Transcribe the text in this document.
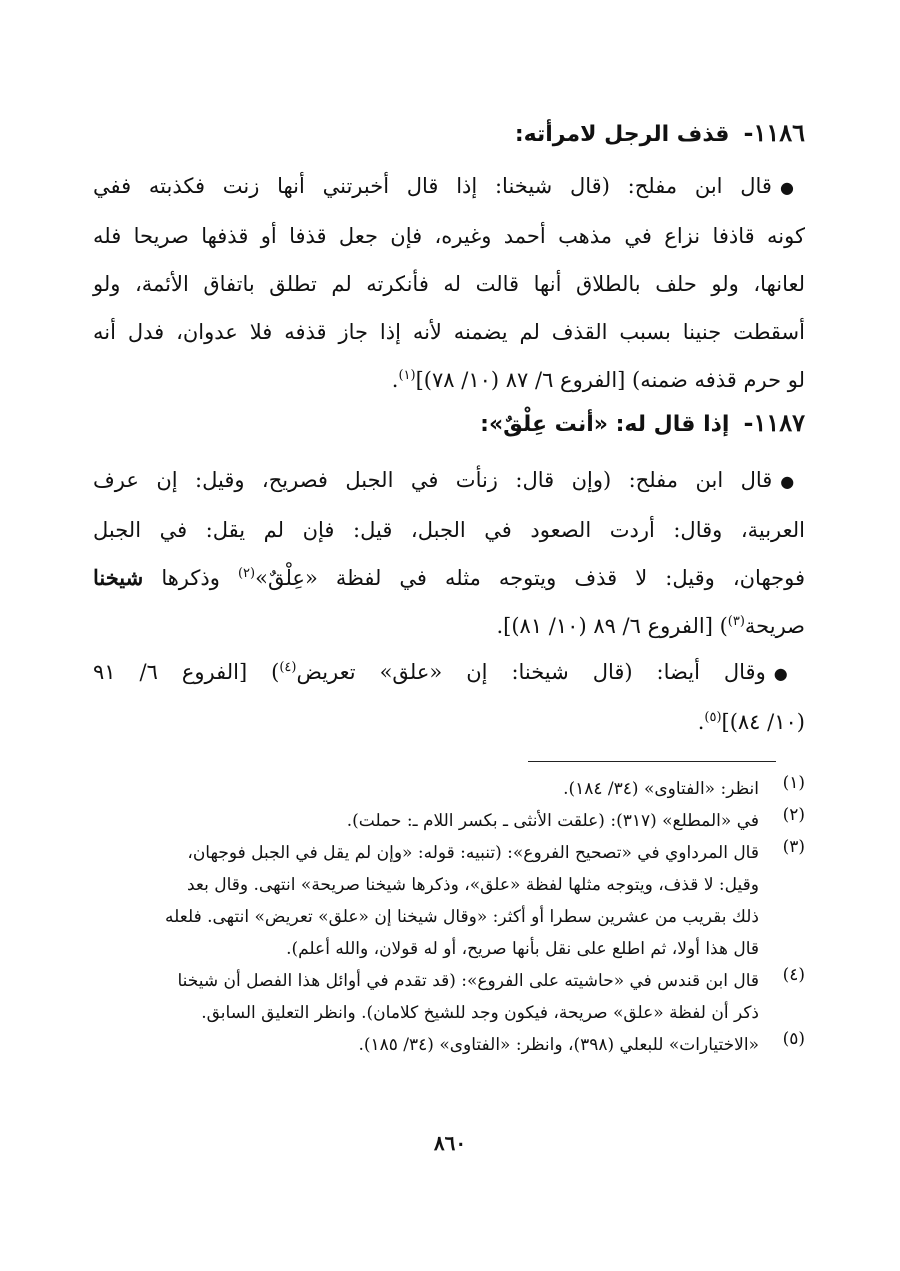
١١٨٦-قذف الرجل لامرأته:
●قال ابن مفلح: (قال شيخنا: إذا قال أخبرتني أنها زنت فكذبته ففي
كونه قاذفا نزاع في مذهب أحمد وغيره، فإن جعل قذفا أو قذفها صريحا فله
لعانها، ولو حلف بالطلاق أنها قالت له فأنكرته لم تطلق باتفاق الأئمة، ولو
أسقطت جنينا بسبب القذف لم يضمنه لأنه إذا جاز قذفه فلا عدوان، فدل أنه
لو حرم قذفه ضمنه) [الفروع ٦/ ٨٧ (١٠/ ٧٨)]$^{(١)}$.
١١٨٧-إذا قال له: «أنت عِلْقٌ»:
●قال ابن مفلح: (وإن قال: زنأت في الجبل فصريح، وقيل: إن عرف
العربية، وقال: أردت الصعود في الجبل، قيل: فإن لم يقل: في الجبل
فوجهان، وقيل: لا قذف ويتوجه مثله في لفظة «عِلْقٌ»$^{(٢)}$ وذكرها شيخنا
صريحة$^{(٣)}$) [الفروع ٦/ ٨٩ (١٠/ ٨١)].
●وقال أيضا: (قال شيخنا: إن «علق» تعريض$^{(٤)}$) [الفروع ٦/ ٩١
(١٠/ ٨٤)]$^{(٥)}$.
(١)
انظر: «الفتاوى» (٣٤/ ١٨٤).
(٢)
في «المطلع» (٣١٧): (علقت الأنثى ـ بكسر اللام ـ: حملت).
(٣)
قال المرداوي في «تصحيح الفروع»: (تنبيه: قوله: «وإن لم يقل في الجبل فوجهان،
وقيل: لا قذف، ويتوجه مثلها لفظة «علق»، وذكرها شيخنا صريحة» انتهى. وقال بعد
ذلك بقريب من عشرين سطرا أو أكثر: «وقال شيخنا إن «علق» تعريض» انتهى. فلعله
قال هذا أولا، ثم اطلع على نقل بأنها صريح، أو له قولان، والله أعلم).
(٤)
قال ابن قندس في «حاشيته على الفروع»: (قد تقدم في أوائل هذا الفصل أن شيخنا
ذكر أن لفظة «علق» صريحة، فيكون وجد للشيخ كلامان). وانظر التعليق السابق.
(٥)
«الاختيارات» للبعلي (٣٩٨)، وانظر: «الفتاوى» (٣٤/ ١٨٥).
٨٦٠
